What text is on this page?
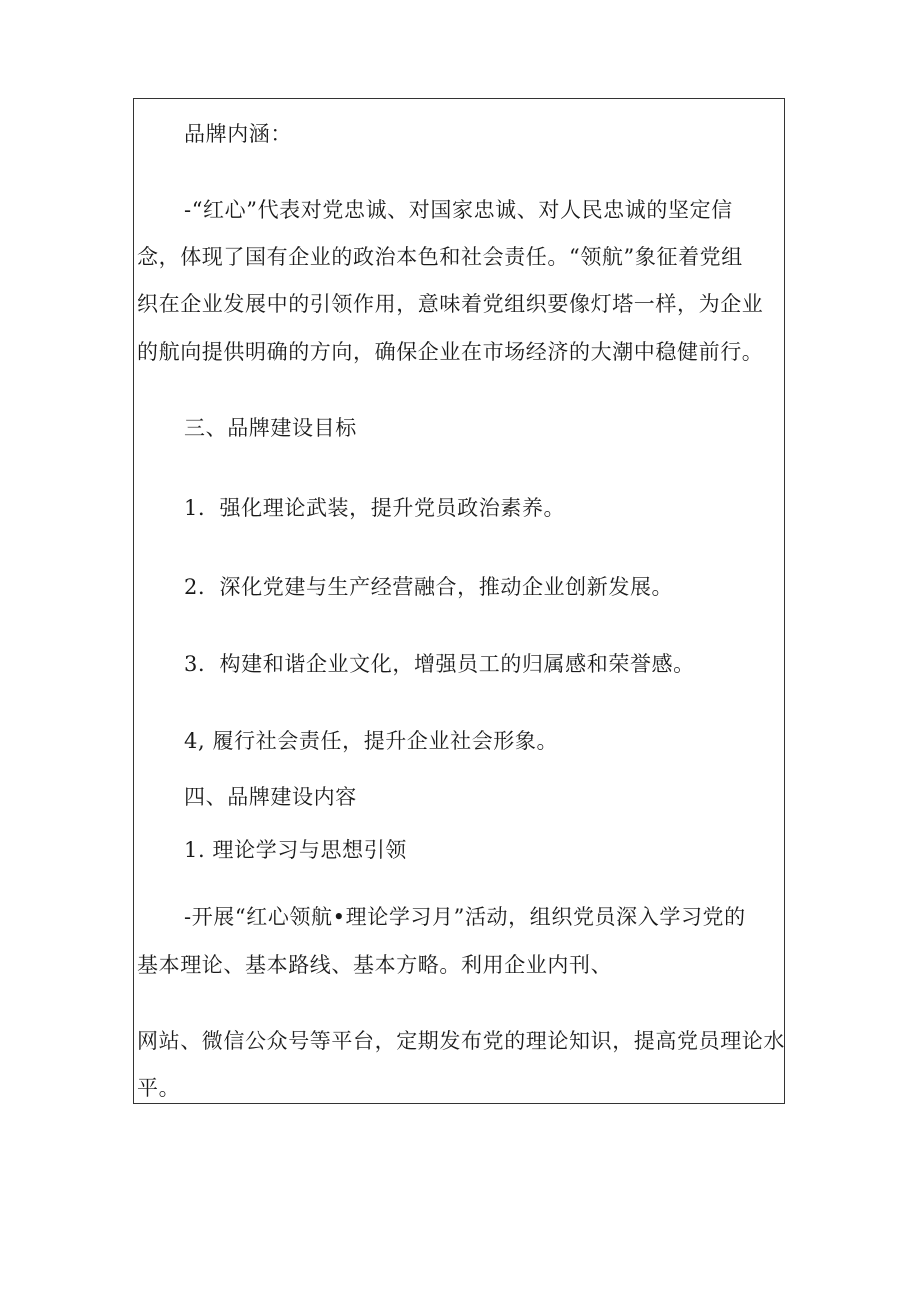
品牌内涵：
-“红心”代表对党忠诚、对国家忠诚、对人民忠诚的坚定信
念，体现了国有企业的政治本色和社会责任。“领航”象征着党组
织在企业发展中的引领作用，意味着党组织要像灯塔一样，为企业
的航向提供明确的方向，确保企业在市场经济的大潮中稳健前行。
三、品牌建设目标
1．强化理论武装，提升党员政治素养。
2．深化党建与生产经营融合，推动企业创新发展。
3．构建和谐企业文化，增强员工的归属感和荣誉感。
4, 履行社会责任，提升企业社会形象。
四、品牌建设内容
1. 理论学习与思想引领
-开展“红心领航•理论学习月”活动，组织党员深入学习党的
基本理论、基本路线、基本方略。利用企业内刊、
网站、微信公众号等平台，定期发布党的理论知识，提高党员理论水
平。
